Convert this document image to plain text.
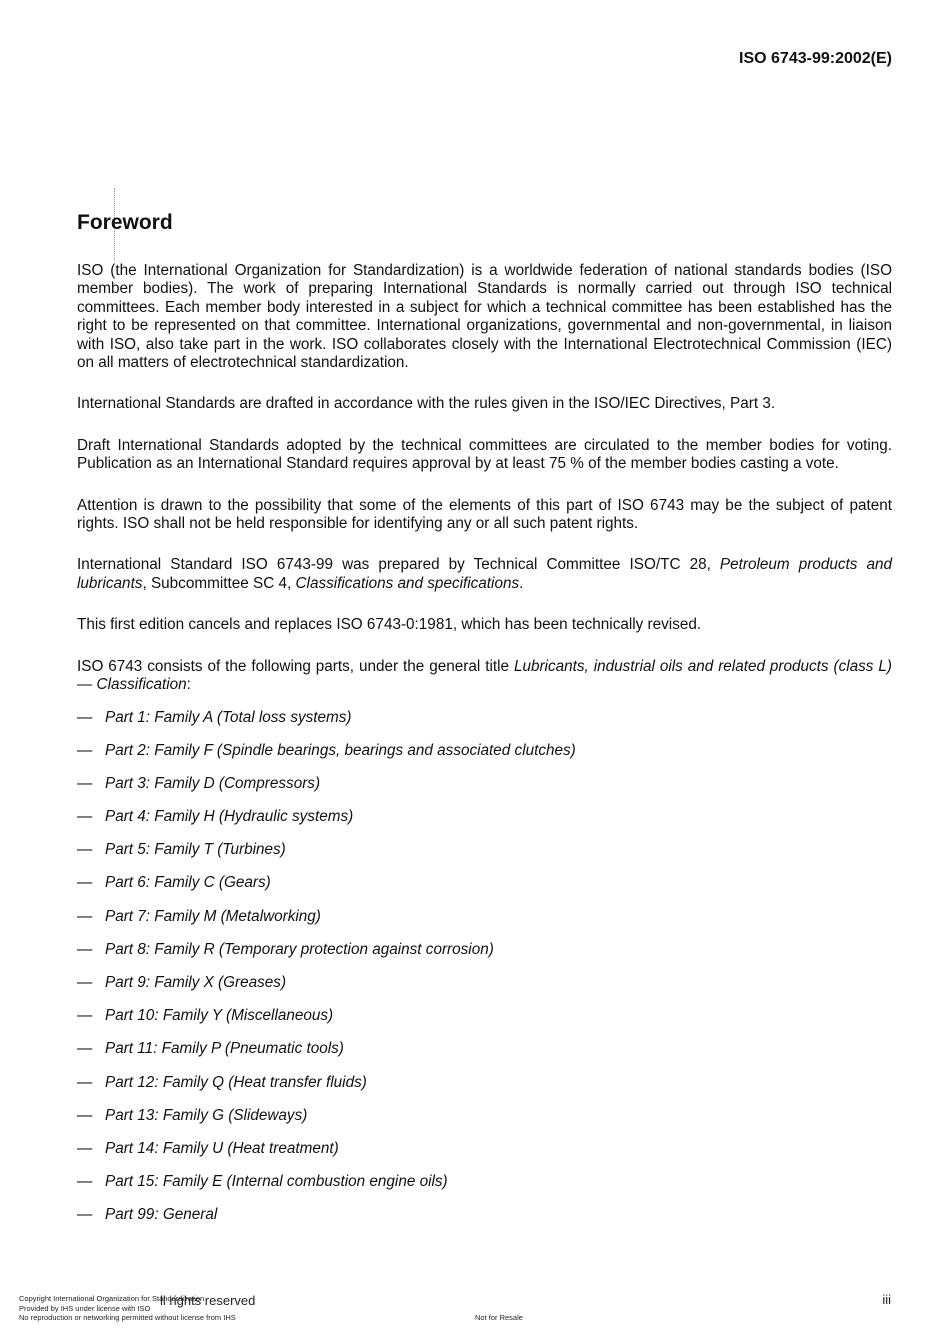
ISO 6743-99:2002(E)

Foreword

ISO (the International Organization for Standardization) is a worldwide federation of national standards bodies (ISO member bodies). The work of preparing International Standards is normally carried out through ISO technical committees. Each member body interested in a subject for which a technical committee has been established has the right to be represented on that committee. International organizations, governmental and non-governmental, in liaison with ISO, also take part in the work. ISO collaborates closely with the International Electrotechnical Commission (IEC) on all matters of electrotechnical standardization.

International Standards are drafted in accordance with the rules given in the ISO/IEC Directives, Part 3.

Draft International Standards adopted by the technical committees are circulated to the member bodies for voting. Publication as an International Standard requires approval by at least 75 % of the member bodies casting a vote.

Attention is drawn to the possibility that some of the elements of this part of ISO 6743 may be the subject of patent rights. ISO shall not be held responsible for identifying any or all such patent rights.

International Standard ISO 6743-99 was prepared by Technical Committee ISO/TC 28, Petroleum products and lubricants, Subcommittee SC 4, Classifications and specifications.

This first edition cancels and replaces ISO 6743-0:1981, which has been technically revised.

ISO 6743 consists of the following parts, under the general title Lubricants, industrial oils and related products (class L) — Classification:

— Part 1: Family A (Total loss systems)
— Part 2: Family F (Spindle bearings, bearings and associated clutches)
— Part 3: Family D (Compressors)
— Part 4: Family H (Hydraulic systems)
— Part 5: Family T (Turbines)
— Part 6: Family C (Gears)
— Part 7: Family M (Metalworking)
— Part 8: Family R (Temporary protection against corrosion)
— Part 9: Family X (Greases)
— Part 10: Family Y (Miscellaneous)
— Part 11: Family P (Pneumatic tools)
— Part 12: Family Q (Heat transfer fluids)
— Part 13: Family G (Slideways)
— Part 14: Family U (Heat treatment)
— Part 15: Family E (Internal combustion engine oils)
— Part 99: General
Copyright International Organization for Standardization
Provided by IHS under license with ISO
No reproduction or networking permitted without license from IHS
ll rights reserved	iii
Not for Resale
